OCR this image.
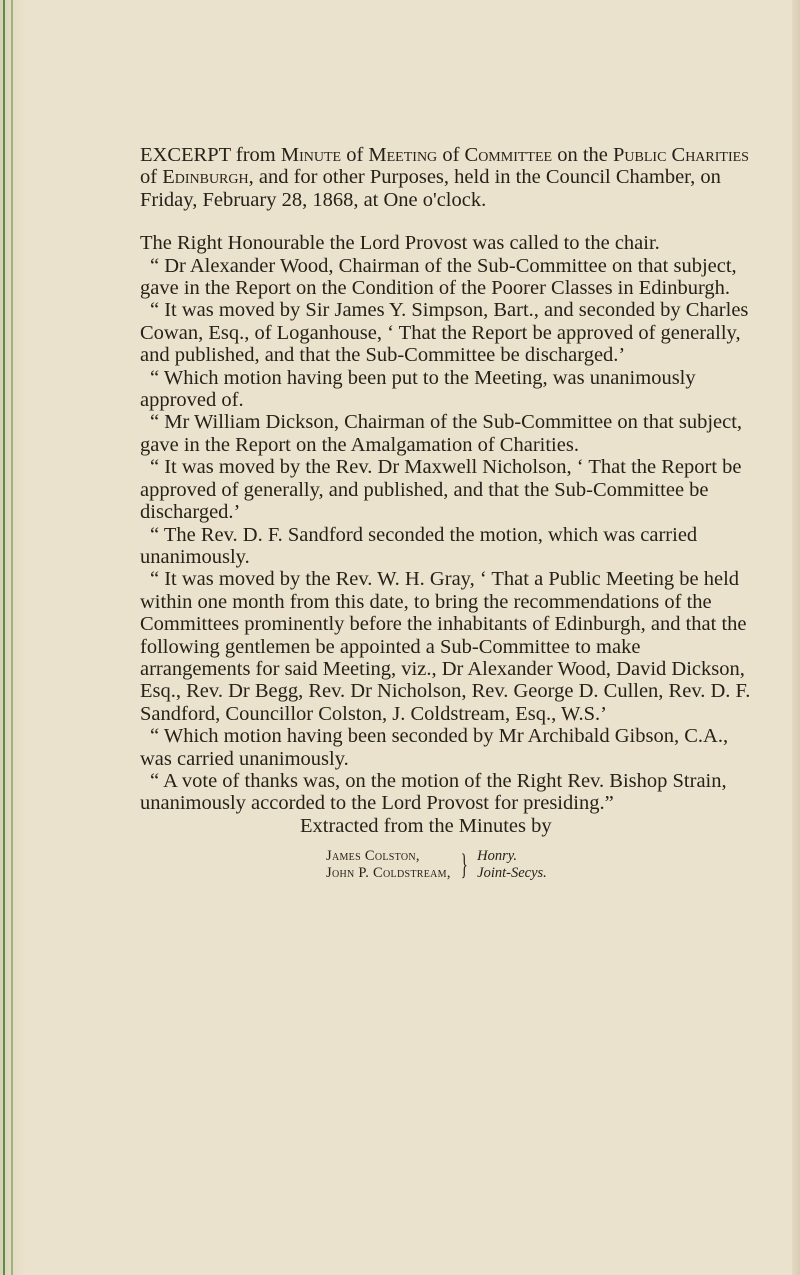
EXCERPT from Minute of Meeting of Committee on the Public Charities of Edinburgh, and for other Purposes, held in the Council Chamber, on Friday, February 28, 1868, at One o'clock.

The Right Honourable the Lord Provost was called to the chair.

“ Dr Alexander Wood, Chairman of the Sub-Committee on that subject, gave in the Report on the Condition of the Poorer Classes in Edinburgh.

“ It was moved by Sir James Y. Simpson, Bart., and seconded by Charles Cowan, Esq., of Loganhouse, ‘ That the Report be approved of generally, and published, and that the Sub-Committee be discharged.’

“ Which motion having been put to the Meeting, was unanimously approved of.

“ Mr William Dickson, Chairman of the Sub-Committee on that subject, gave in the Report on the Amalgamation of Charities.

“ It was moved by the Rev. Dr Maxwell Nicholson, ‘ That the Report be approved of generally, and published, and that the Sub-Committee be discharged.’

“ The Rev. D. F. Sandford seconded the motion, which was carried unanimously.

“ It was moved by the Rev. W. H. Gray, ‘ That a Public Meeting be held within one month from this date, to bring the recommendations of the Committees prominently before the inhabitants of Edinburgh, and that the following gentlemen be appointed a Sub-Committee to make arrangements for said Meeting, viz., Dr Alexander Wood, David Dickson, Esq., Rev. Dr Begg, Rev. Dr Nicholson, Rev. George D. Cullen, Rev. D. F. Sandford, Councillor Colston, J. Coldstream, Esq., W.S.’

“ Which motion having been seconded by Mr Archibald Gibson, C.A., was carried unanimously.

“ A vote of thanks was, on the motion of the Right Rev. Bishop Strain, unanimously accorded to the Lord Provost for presiding.”

Extracted from the Minutes by

James Colston,
John P. Coldstream, } Honry.
Joint-Secys.
